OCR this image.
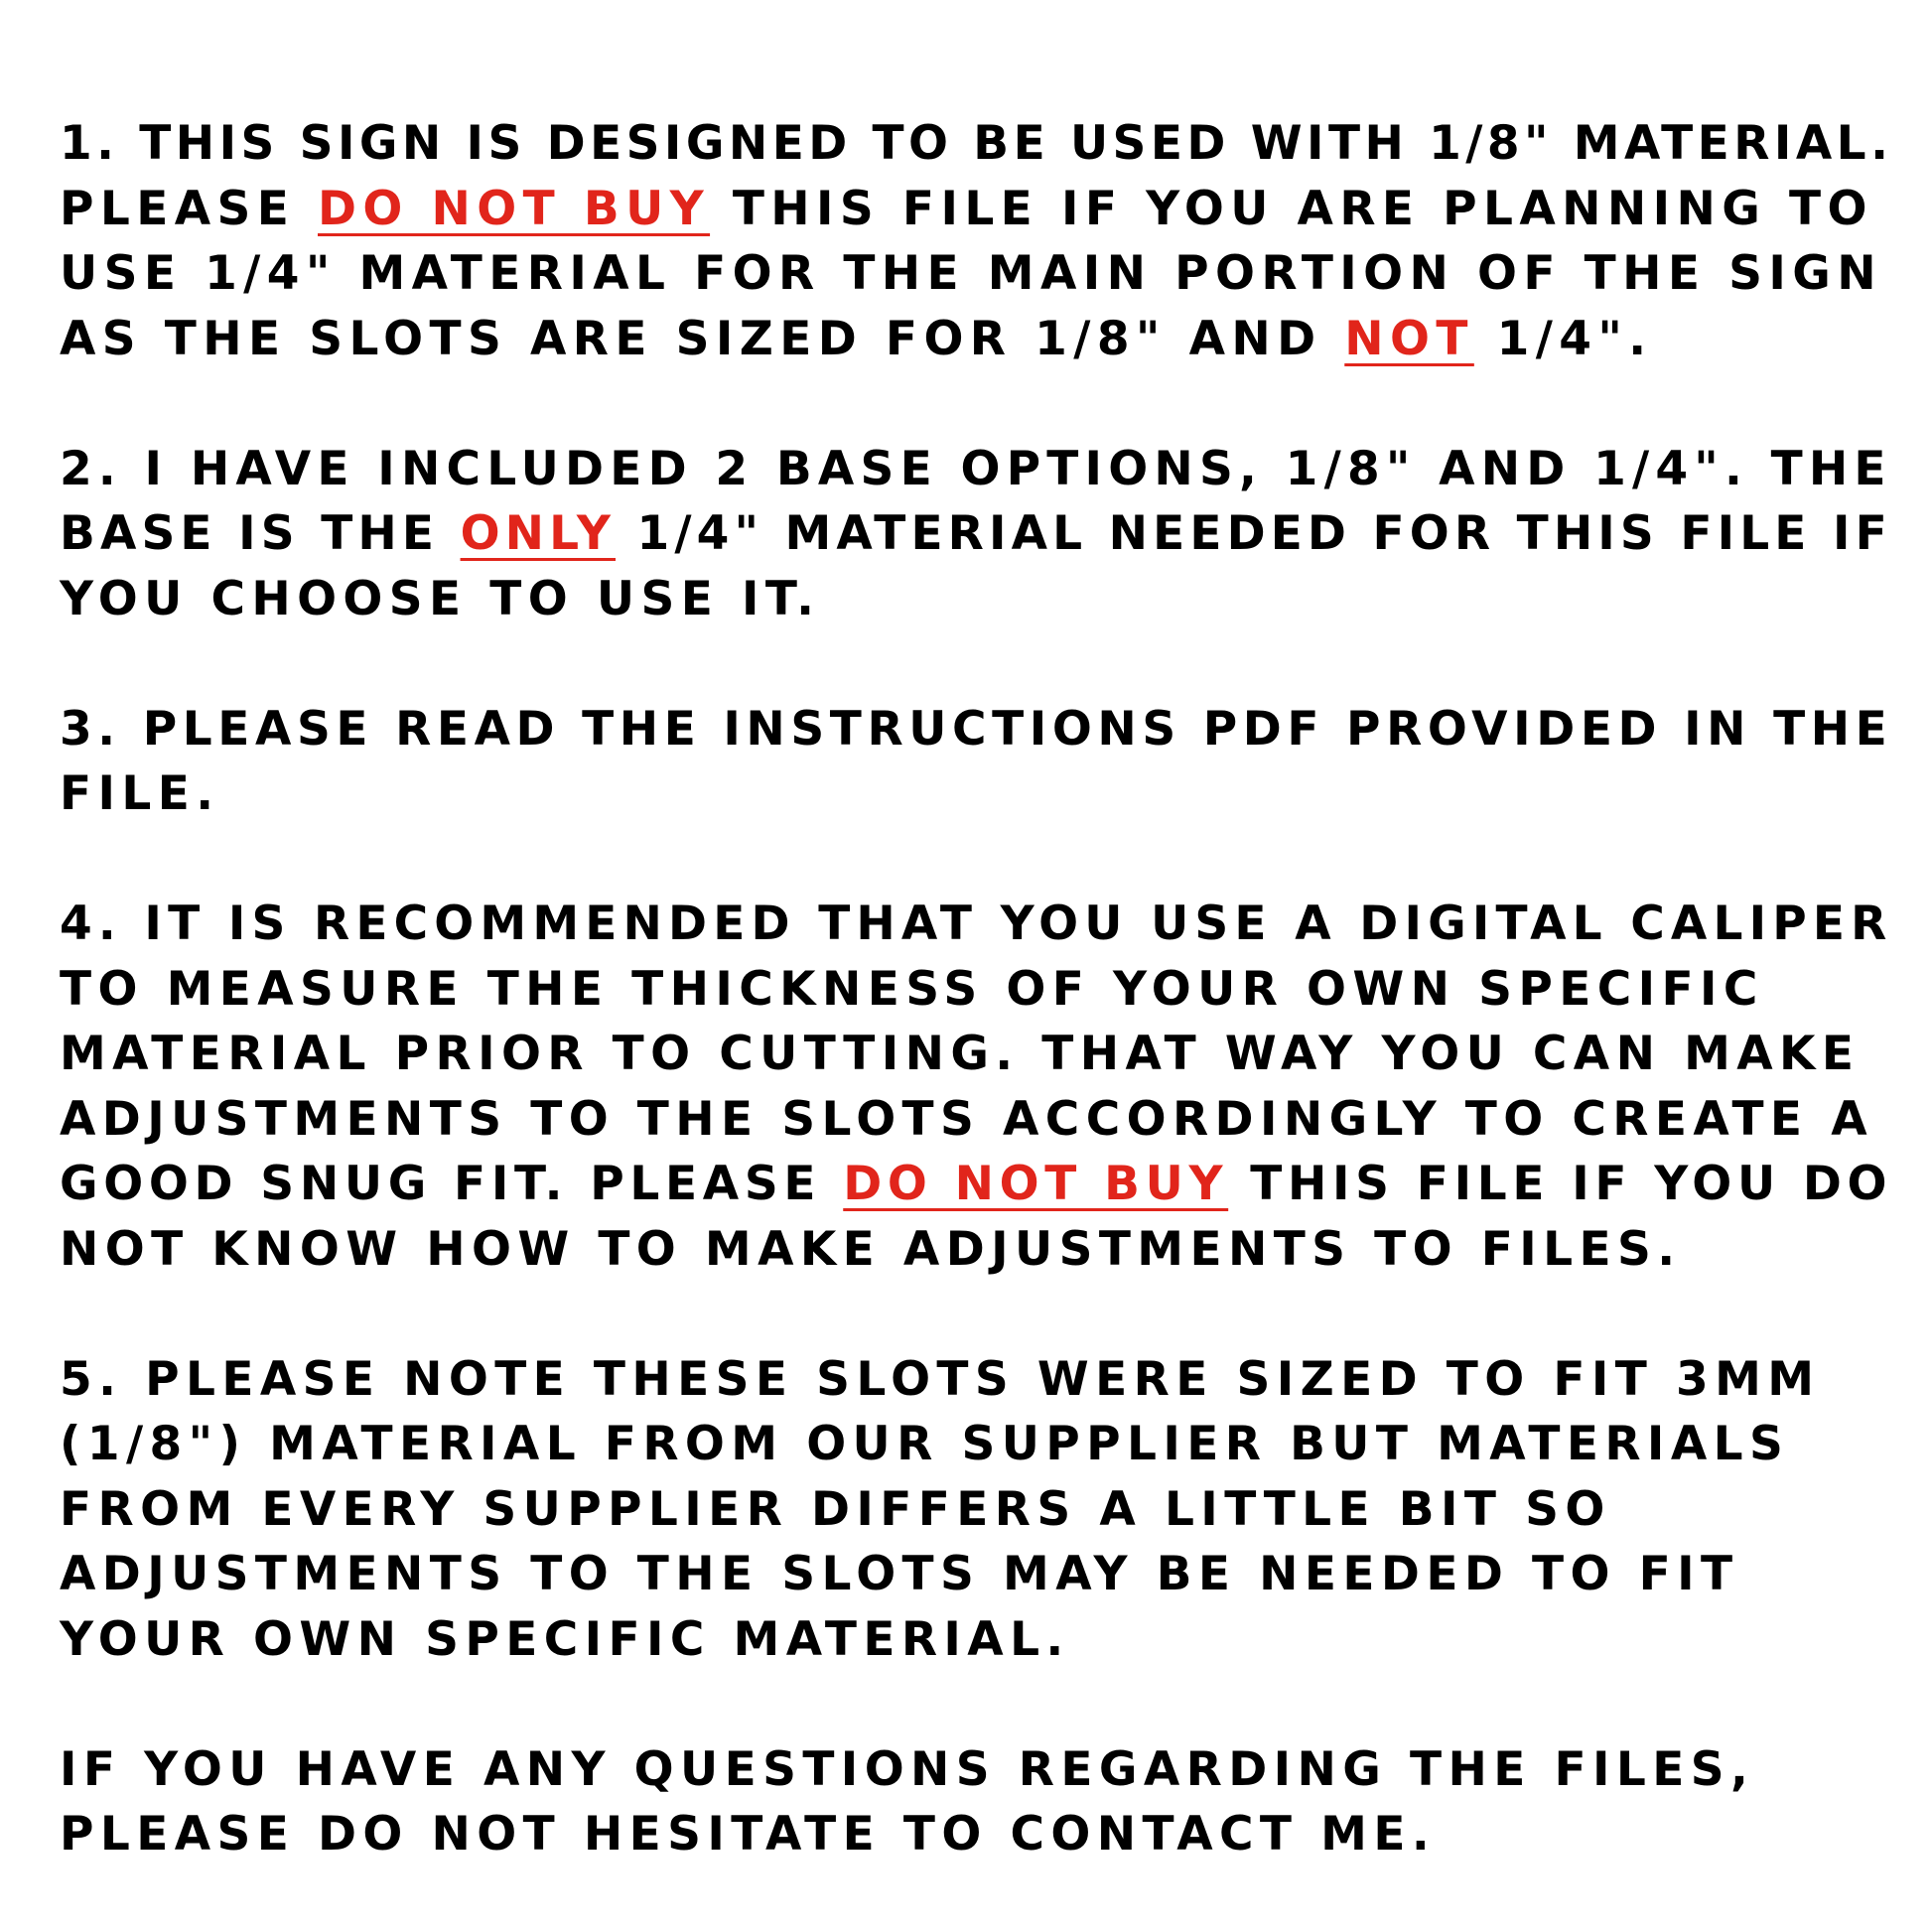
1. THIS SIGN IS DESIGNED TO BE USED WITH 1/8" MATERIAL.
PLEASE DO NOT BUY THIS FILE IF YOU ARE PLANNING TO
USE 1/4" MATERIAL FOR THE MAIN PORTION OF THE SIGN
AS THE SLOTS ARE SIZED FOR 1/8" AND NOT 1/4".
2. I HAVE INCLUDED 2 BASE OPTIONS, 1/8" AND 1/4". THE
BASE IS THE ONLY 1/4" MATERIAL NEEDED FOR THIS FILE IF
YOU CHOOSE TO USE IT.
3. PLEASE READ THE INSTRUCTIONS PDF PROVIDED IN THE
FILE.
4. IT IS RECOMMENDED THAT YOU USE A DIGITAL CALIPER
TO MEASURE THE THICKNESS OF YOUR OWN SPECIFIC
MATERIAL PRIOR TO CUTTING. THAT WAY YOU CAN MAKE
ADJUSTMENTS TO THE SLOTS ACCORDINGLY TO CREATE A
GOOD SNUG FIT. PLEASE DO NOT BUY THIS FILE IF YOU DO
NOT KNOW HOW TO MAKE ADJUSTMENTS TO FILES.
5. PLEASE NOTE THESE SLOTS WERE SIZED TO FIT 3MM
(1/8") MATERIAL FROM OUR SUPPLIER BUT MATERIALS
FROM EVERY SUPPLIER DIFFERS A LITTLE BIT SO
ADJUSTMENTS TO THE SLOTS MAY BE NEEDED TO FIT
YOUR OWN SPECIFIC MATERIAL.
IF YOU HAVE ANY QUESTIONS REGARDING THE FILES,
PLEASE DO NOT HESITATE TO CONTACT ME.
